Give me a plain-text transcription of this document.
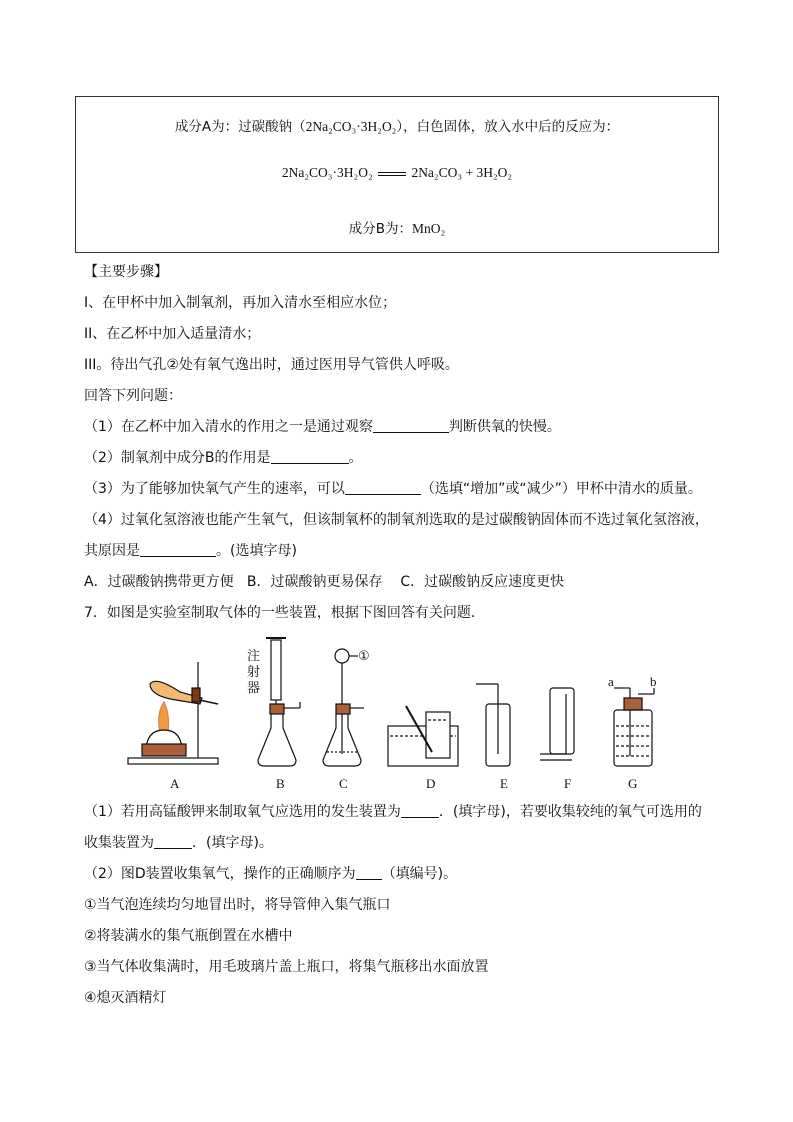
成分A为：过碳酸钠（2Na₂CO₃·3H₂O₂），白色固体，放入水中后的反应为：
2Na₂CO₃·3H₂O₂	2Na₂CO₃ + 3H₂O₂
成分B为：MnO₂
【主要步骤】
I、在甲杯中加入制氧剂，再加入清水至相应水位；
II、在乙杯中加入适量清水；
III。待出气孔②处有氧气逸出时，通过医用导气管供人呼吸。
回答下列问题：
（1）在乙杯中加入清水的作用之一是通过观察	判断供氧的快慢。
（2）制氧剂中成分B的作用是	。
（3）为了能够加快氧气产生的速率，可以	（选填“增加”或“减少”）甲杯中清水的质量。
（4）过氧化氢溶液也能产生氧气，但该制氧杯的制氧剂选取的是过碳酸钠固体而不选过氧化氢溶液，
其原因是	。(选填字母)
A．过碳酸钠携带更方便   B．过碳酸钠更易保存    C．过碳酸钠反应速度更快
7．如图是实验室制取气体的一些装置，根据下图回答有关问题．
注
射
器
①
a	b
A	B	C	D	E	F	G
（1）若用高锰酸钾来制取氧气应选用的发生装置为	．(填字母)，若要收集较纯的氧气可选用的
收集装置为	．(填字母)。
（2）图D装置收集氧气，操作的正确顺序为 （填编号)。
①当气泡连续均匀地冒出时，将导管伸入集气瓶口
②将装满水的集气瓶倒置在水槽中
③当气体收集满时，用毛玻璃片盖上瓶口，将集气瓶移出水面放置
④熄灭酒精灯
